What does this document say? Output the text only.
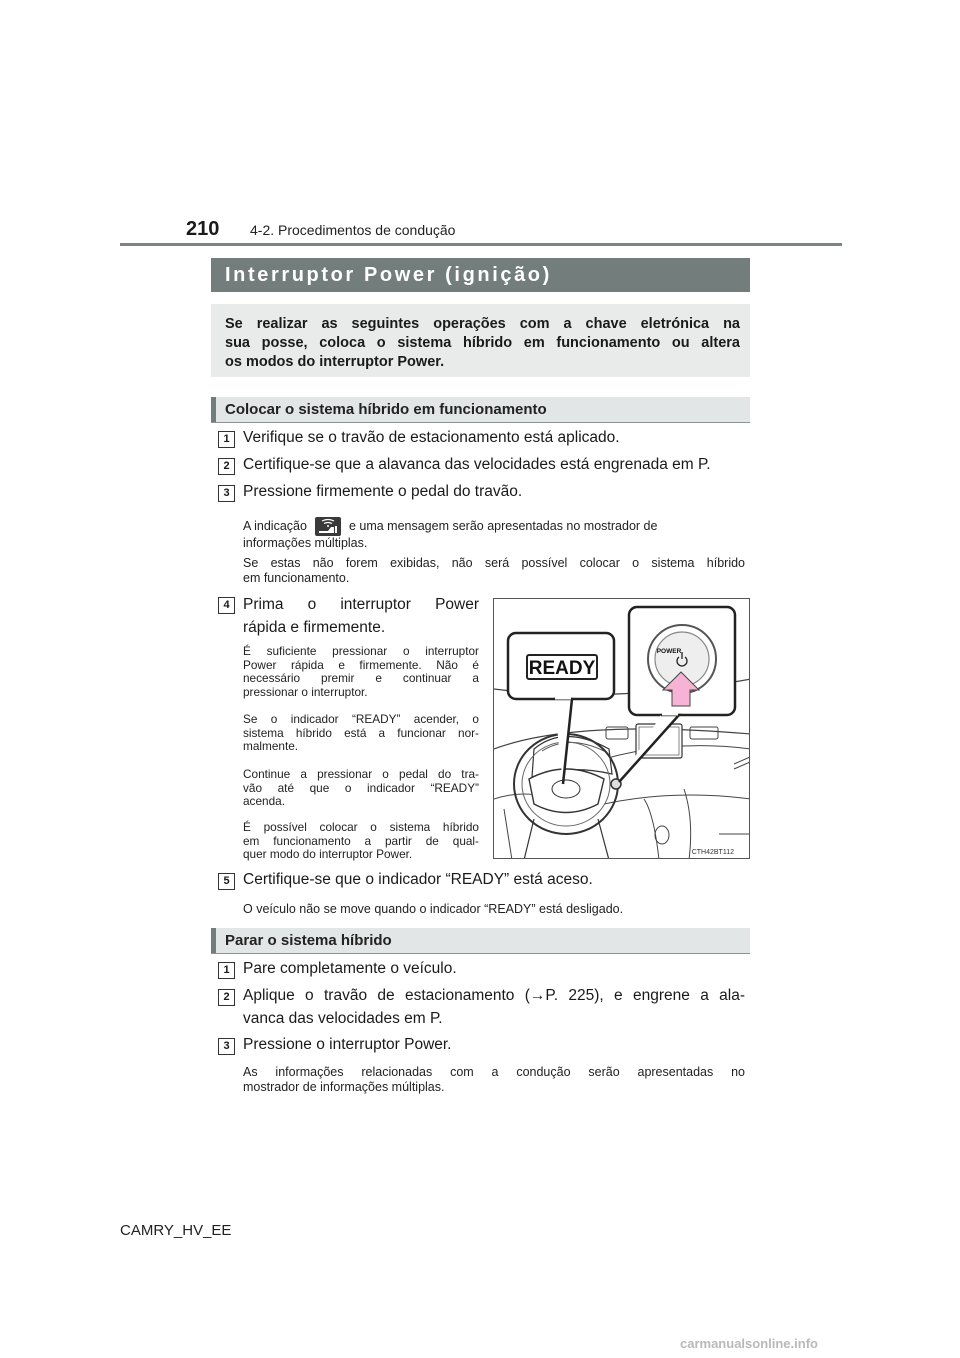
210 4-2. Procedimentos de condução
Interruptor Power (ignição)
Se realizar as seguintes operações com a chave eletrónica na
sua posse, coloca o sistema híbrido em funcionamento ou altera
os modos do interruptor Power.
Colocar o sistema híbrido em funcionamento
1 Verifique se o travão de estacionamento está aplicado.
2 Certifique-se que a alavanca das velocidades está engrenada em P.
3 Pressione firmemente o pedal do travão.
A indicação	e uma mensagem serão apresentadas no mostrador de
informações múltiplas.
Se estas não forem exibidas, não será possível colocar o sistema híbrido
em funcionamento.
4 Prima o interruptor Power
rápida e firmemente.
É suficiente pressionar o interruptor
Power rápida e firmemente. Não é
necessário premir e continuar a
pressionar o interruptor.
Se o indicador “READY” acender, o
sistema híbrido está a funcionar nor-
malmente.
Continue a pressionar o pedal do tra-
vão até que o indicador “READY”
acenda.
É possível colocar o sistema híbrido
em funcionamento a partir de qual-
quer modo do interruptor Power.
READY
POWER
CTH42BT112
5 Certifique-se que o indicador “READY” está aceso.
O veículo não se move quando o indicador “READY” está desligado.
Parar o sistema híbrido
1 Pare completamente o veículo.
2 Aplique o travão de estacionamento (→P. 225), e engrene a ala-
vanca das velocidades em P.
3 Pressione o interruptor Power.
As informações relacionadas com a condução serão apresentadas no
mostrador de informações múltiplas.
CAMRY_HV_EE
carmanualsonline.info
